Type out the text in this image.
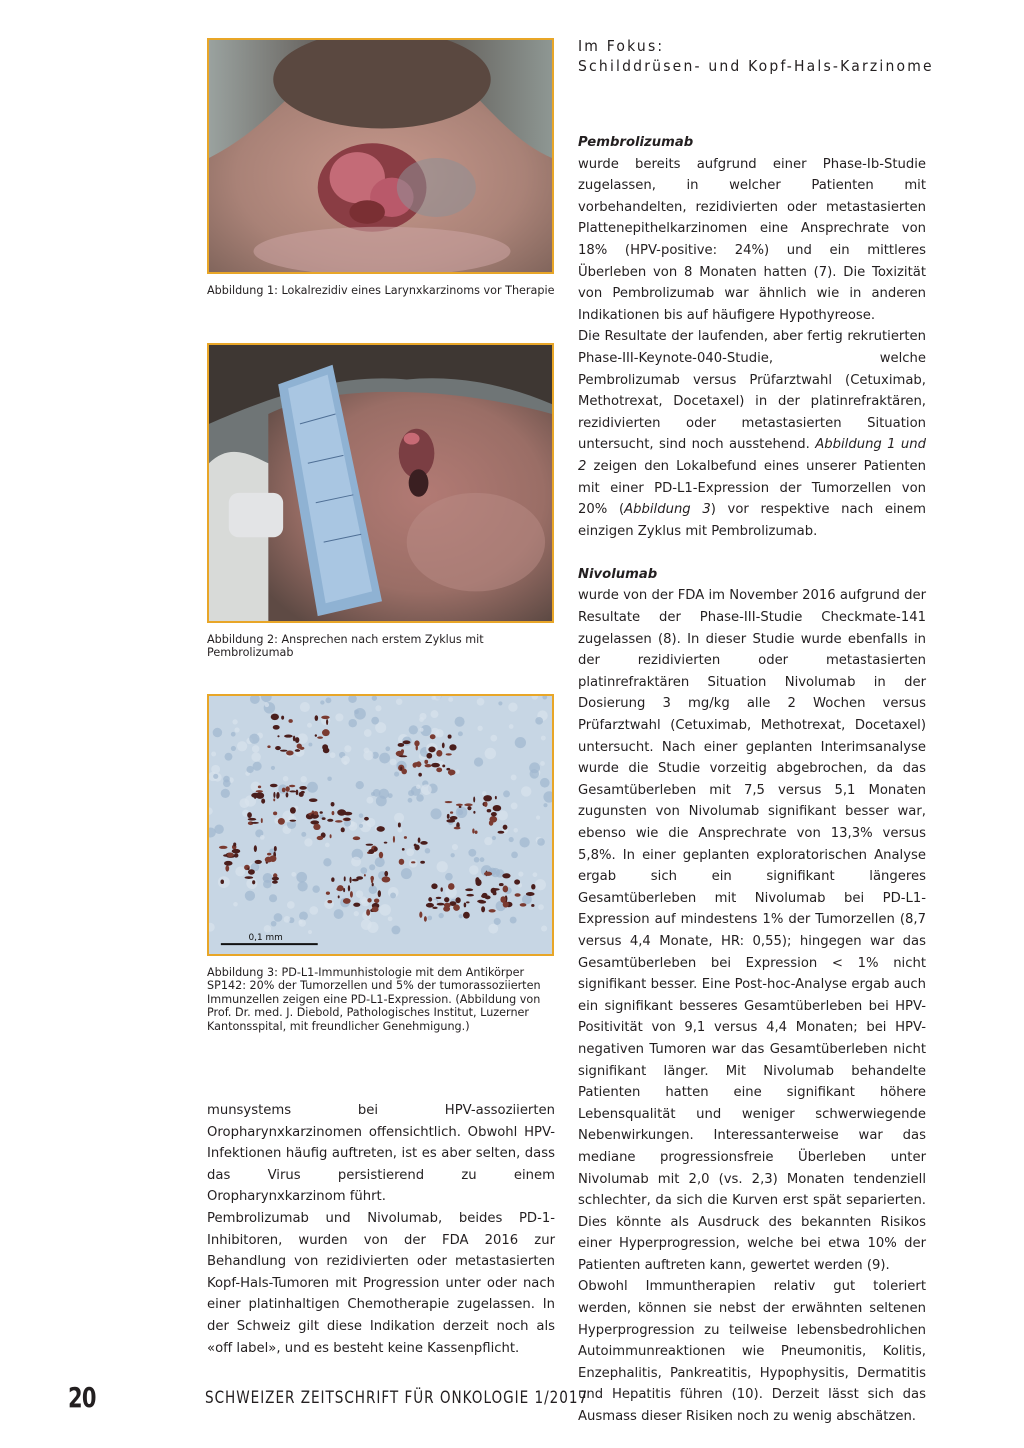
Im Fokus:
Schilddrüsen- und Kopf-Hals-Karzinome
Abbildung 1: Lokalrezidiv eines Larynxkarzinoms vor Therapie
Abbildung 2: Ansprechen nach erstem Zyklus mit Pembrolizumab
0,1 mm
Abbildung 3: PD-L1-Immunhistologie mit dem Antikörper SP142: 20% der Tumorzellen und 5% der tumorassoziierten Immunzellen zeigen eine PD-L1-Expression. (Abbildung von Prof. Dr. med. J. Diebold, Pathologisches Institut, Luzerner Kantonsspital, mit freundlicher Genehmigung.)

munsystems bei HPV-assoziierten Oropharynxkarzinomen offensichtlich. Obwohl HPV-Infektionen häufig auftreten, ist es aber selten, dass das Virus persistierend zu einem Oropharynxkarzinom führt.

Pembrolizumab und Nivolumab, beides PD-1-Inhibitoren, wurden von der FDA 2016 zur Behandlung von rezidivierten oder metastasierten Kopf-Hals-Tumoren mit Progression unter oder nach einer platinhaltigen Chemotherapie zugelassen. In der Schweiz gilt diese Indikation derzeit noch als «off label», und es besteht keine Kassenpflicht.

Pembrolizumab

wurde bereits aufgrund einer Phase-Ib-Studie zugelassen, in welcher Patienten mit vorbehandelten, rezidivierten oder metastasierten Plattenepithelkarzinomen eine Ansprechrate von 18% (HPV-positive: 24%) und ein mittleres Überleben von 8 Monaten hatten (7). Die Toxizität von Pembrolizumab war ähnlich wie in anderen Indikationen bis auf häufigere Hypothyreose.

Die Resultate der laufenden, aber fertig rekrutierten Phase-III-Keynote-040-Studie, welche Pembrolizumab versus Prüfarztwahl (Cetuximab, Methotrexat, Docetaxel) in der platinrefraktären, rezidivierten oder metastasierten Situation untersucht, sind noch ausstehend. Abbildung 1 und 2 zeigen den Lokalbefund eines unserer Patienten mit einer PD-L1-Expression der Tumorzellen von 20% (Abbildung 3) vor respektive nach einem einzigen Zyklus mit Pembrolizumab.

Nivolumab

wurde von der FDA im November 2016 aufgrund der Resultate der Phase-III-Studie Checkmate-141 zugelassen (8). In dieser Studie wurde ebenfalls in der rezidivierten oder metastasierten platinrefraktären Situation Nivolumab in der Dosierung 3 mg/kg alle 2 Wochen versus Prüfarztwahl (Cetuximab, Methotrexat, Docetaxel) untersucht. Nach einer geplanten Interimsanalyse wurde die Studie vorzeitig abgebrochen, da das Gesamtüberleben mit 7,5 versus 5,1 Monaten zugunsten von Nivolumab signifikant besser war, ebenso wie die Ansprechrate von 13,3% versus 5,8%. In einer geplanten exploratorischen Analyse ergab sich ein signifikant längeres Gesamtüberleben mit Nivolumab bei PD-L1-Expression auf mindestens 1% der Tumorzellen (8,7 versus 4,4 Monate, HR: 0,55); hingegen war das Gesamtüberleben bei Expression < 1% nicht signifikant besser. Eine Post-hoc-Analyse ergab auch ein signifikant besseres Gesamtüberleben bei HPV-Positivität von 9,1 versus 4,4 Monaten; bei HPV-negativen Tumoren war das Gesamtüberleben nicht signifikant länger. Mit Nivolumab behandelte Patienten hatten eine signifikant höhere Lebensqualität und weniger schwerwiegende Nebenwirkungen. Interessanterweise war das mediane progressionsfreie Überleben unter Nivolumab mit 2,0 (vs. 2,3) Monaten tendenziell schlechter, da sich die Kurven erst spät separierten. Dies könnte als Ausdruck des bekannten Risikos einer Hyperprogression, welche bei etwa 10% der Patienten auftreten kann, gewertet werden (9).

Obwohl Immuntherapien relativ gut toleriert werden, können sie nebst der erwähnten seltenen Hyperprogression zu teilweise lebensbedrohlichen Autoimmunreaktionen wie Pneumonitis, Kolitis, Enzephalitis, Pankreatitis, Hypophysitis, Dermatitis und Hepatitis führen (10). Derzeit lässt sich das Ausmass dieser Risiken noch zu wenig abschätzen.

20	SCHWEIZER ZEITSCHRIFT FÜR ONKOLOGIE 1/2017
